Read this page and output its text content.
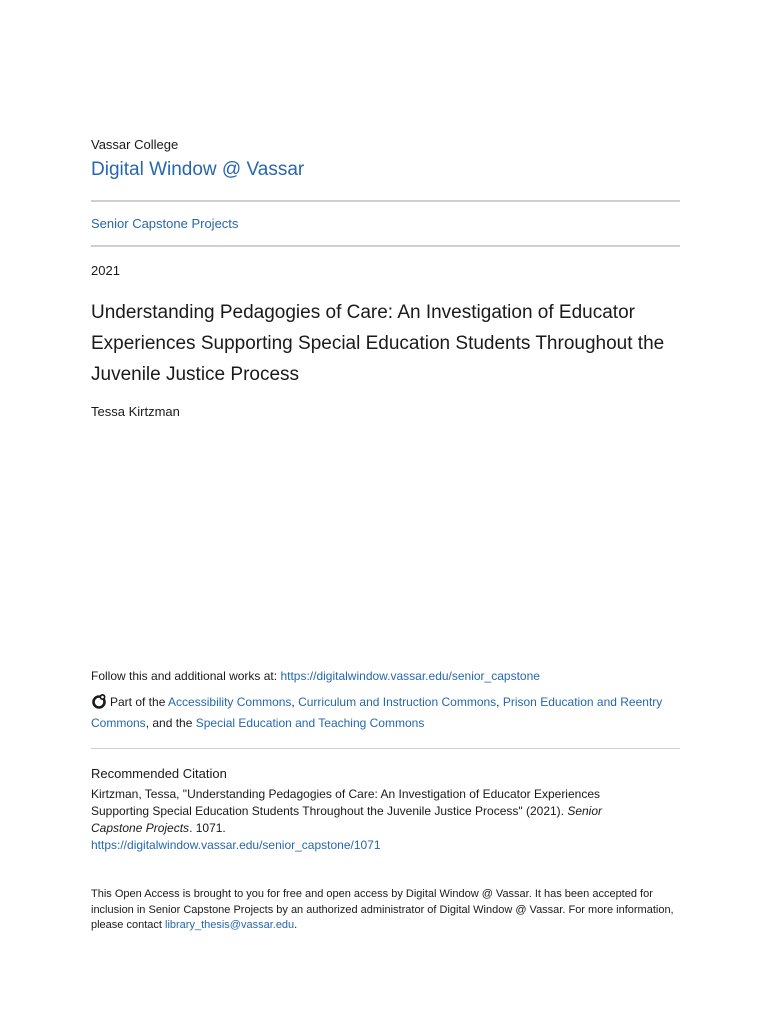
Vassar College
Digital Window @ Vassar
Senior Capstone Projects
2021
Understanding Pedagogies of Care: An Investigation of Educator Experiences Supporting Special Education Students Throughout the Juvenile Justice Process
Tessa Kirtzman
Follow this and additional works at: https://digitalwindow.vassar.edu/senior_capstone
Part of the Accessibility Commons, Curriculum and Instruction Commons, Prison Education and Reentry Commons, and the Special Education and Teaching Commons
Recommended Citation
Kirtzman, Tessa, "Understanding Pedagogies of Care: An Investigation of Educator Experiences Supporting Special Education Students Throughout the Juvenile Justice Process" (2021). Senior Capstone Projects. 1071.
https://digitalwindow.vassar.edu/senior_capstone/1071
This Open Access is brought to you for free and open access by Digital Window @ Vassar. It has been accepted for inclusion in Senior Capstone Projects by an authorized administrator of Digital Window @ Vassar. For more information, please contact library_thesis@vassar.edu.
